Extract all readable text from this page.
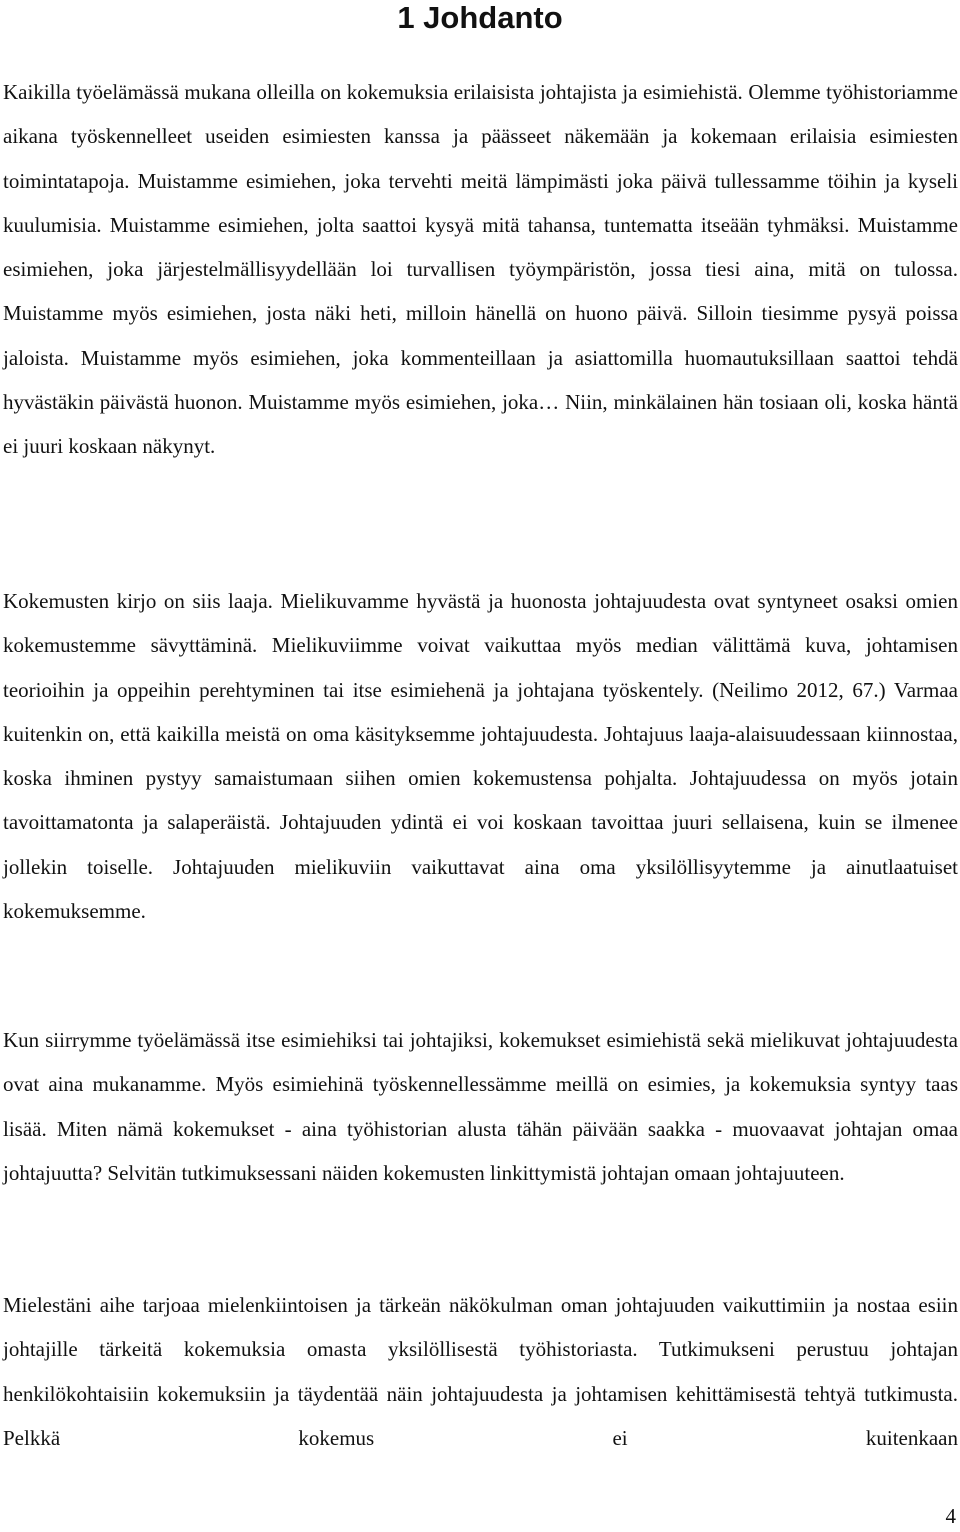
1 Johdanto

Kaikilla työelämässä mukana olleilla on kokemuksia erilaisista johtajista ja esimiehistä. Olemme työhistoriamme aikana työskennelleet useiden esimiesten kanssa ja päässeet näkemään ja kokemaan erilaisia esimiesten toimintatapoja. Muistamme esimiehen, joka tervehti meitä lämpimästi joka päivä tullessamme töihin ja kyseli kuulumisia. Muistamme esimiehen, jolta saattoi kysyä mitä tahansa, tuntematta itseään tyhmäksi. Muistamme esimiehen, joka järjestelmällisyydellään loi turvallisen työympäristön, jossa tiesi aina, mitä on tulossa. Muistamme myös esimiehen, josta näki heti, milloin hänellä on huono päivä. Silloin tiesimme pysyä poissa jaloista. Muistamme myös esimiehen, joka kommenteillaan ja asiattomilla huomautuksillaan saattoi tehdä hyvästäkin päivästä huonon. Muistamme myös esimiehen, joka… Niin, minkälainen hän tosiaan oli, koska häntä ei juuri koskaan näkynyt.

Kokemusten kirjo on siis laaja. Mielikuvamme hyvästä ja huonosta johtajuudesta ovat syntyneet osaksi omien kokemustemme sävyttäminä. Mielikuviimme voivat vaikuttaa myös median välittämä kuva, johtamisen teorioihin ja oppeihin perehtyminen tai itse esimiehenä ja johtajana työskentely. (Neilimo 2012, 67.) Varmaa kuitenkin on, että kaikilla meistä on oma käsityksemme johtajuudesta. Johtajuus laaja-alaisuudessaan kiinnostaa, koska ihminen pystyy samaistumaan siihen omien kokemustensa pohjalta. Johtajuudessa on myös jotain tavoittamatonta ja salaperäistä. Johtajuuden ydintä ei voi koskaan tavoittaa juuri sellaisena, kuin se ilmenee jollekin toiselle. Johtajuuden mielikuviin vaikuttavat aina oma yksilöllisyytemme ja ainutlaatuiset kokemuksemme.

Kun siirrymme työelämässä itse esimiehiksi tai johtajiksi, kokemukset esimiehistä sekä mielikuvat johtajuudesta ovat aina mukanamme. Myös esimiehinä työskennellessämme meillä on esimies, ja kokemuksia syntyy taas lisää. Miten nämä kokemukset - aina työhistorian alusta tähän päivään saakka - muovaavat johtajan omaa johtajuutta? Selvitän tutkimuksessani näiden kokemusten linkittymistä johtajan omaan johtajuuteen.

Mielestäni aihe tarjoaa mielenkiintoisen ja tärkeän näkökulman oman johtajuuden vaikuttimiin ja nostaa esiin johtajille tärkeitä kokemuksia omasta yksilöllisestä työhistoriasta. Tutkimukseni perustuu johtajan henkilökohtaisiin kokemuksiin ja täydentää näin johtajuudesta ja johtamisen kehittämisestä tehtyä tutkimusta. Pelkkä kokemus ei kuitenkaan

4
